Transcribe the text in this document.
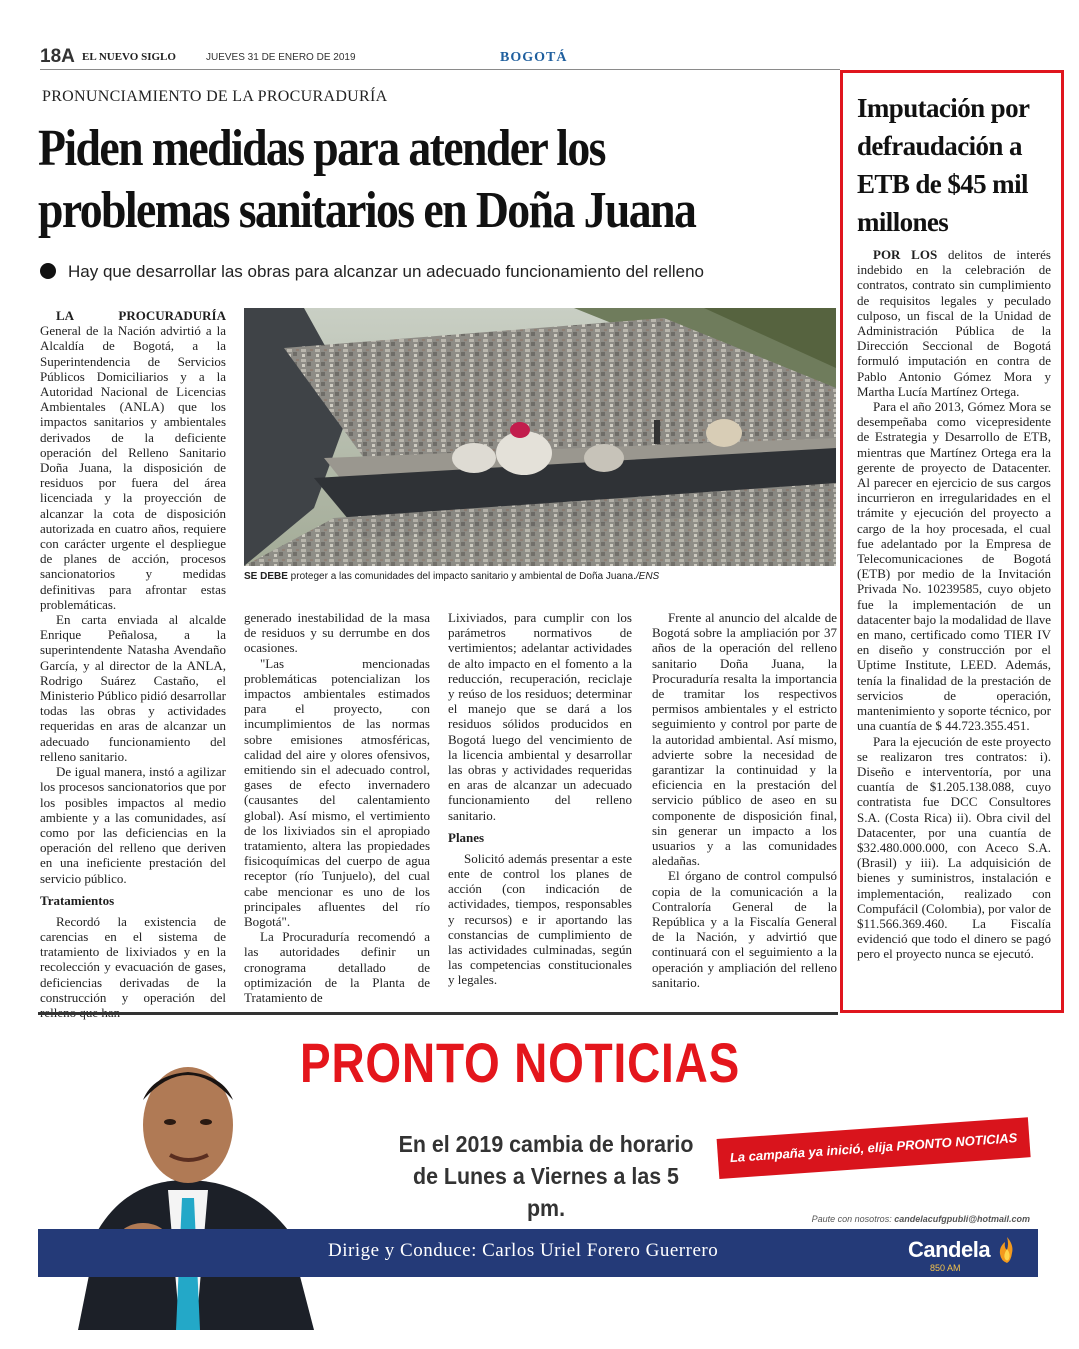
18A EL NUEVO SIGLO	JUEVES 31 DE ENERO DE 2019	BOGOTÁ
PRONUNCIAMIENTO DE LA PROCURADURÍA
Piden medidas para atender los
problemas sanitarios en Doña Juana
Hay que desarrollar las obras para alcanzar un adecuado funcionamiento del relleno

LA PROCURADURÍA General de la Nación advirtió a la Alcaldía de Bogotá, a la Superintendencia de Servicios Públicos Domiciliarios y a la Autoridad Nacional de Licencias Ambientales (ANLA) que los impactos sanitarios y ambientales derivados de la deficiente operación del Relleno Sanitario Doña Juana, la disposición de residuos por fuera del área licenciada y la proyección de alcanzar la cota de disposición autorizada en cuatro años, requiere con carácter urgente el despliegue de planes de acción, procesos sancionatorios y medidas definitivas para afrontar estas problemáticas.

En carta enviada al alcalde Enrique Peñalosa, a la superintendente Natasha Avendaño García, y al director de la ANLA, Rodrigo Suárez Castaño, el Ministerio Público pidió desarrollar todas las obras y actividades requeridas en aras de alcanzar un adecuado funcionamiento del relleno sanitario.

De igual manera, instó a agilizar los procesos sancionatorios que por los posibles impactos al medio ambiente y a las comunidades, así como por las deficiencias en la operación del relleno que deriven en una ineficiente prestación del servicio público.

Tratamientos

Recordó la existencia de carencias en el sistema de tratamiento de lixiviados y en la recolección y evacuación de gases, deficiencias derivadas de la construcción y operación del relleno que han

SE DEBE proteger a las comunidades del impacto sanitario y ambiental de Doña Juana./ENS

generado inestabilidad de la masa de residuos y su derrumbe en dos ocasiones.

"Las mencionadas problemáticas potencializan los impactos ambientales estimados para el proyecto, con incumplimientos de las normas sobre emisiones atmosféricas, calidad del aire y olores ofensivos, emitiendo sin el adecuado control, gases de efecto invernadero (causantes del calentamiento global). Así mismo, el vertimiento de los lixiviados sin el apropiado tratamiento, altera las propiedades fisicoquímicas del cuerpo de agua receptor (río Tunjuelo), del cual cabe mencionar es uno de los principales afluentes del río Bogotá".

La Procuraduría recomendó a las autoridades definir un cronograma detallado de optimización de la Planta de Tratamiento de

Lixiviados, para cumplir con los parámetros normativos de vertimientos; adelantar actividades de alto impacto en el fomento a la reducción, recuperación, reciclaje y reúso de los residuos; determinar el manejo que se dará a los residuos sólidos producidos en Bogotá luego del vencimiento de la licencia ambiental y desarrollar las obras y actividades requeridas en aras de alcanzar un adecuado funcionamiento del relleno sanitario.

Planes

Solicitó además presentar a este ente de control los planes de acción (con indicación de actividades, tiempos, responsables y recursos) e ir aportando las constancias de cumplimiento de las actividades culminadas, según las competencias constitucionales y legales.

Frente al anuncio del alcalde de Bogotá sobre la ampliación por 37 años de la operación del relleno sanitario Doña Juana, la Procuraduría resalta la importancia de tramitar los respectivos permisos ambientales y el estricto seguimiento y control por parte de la autoridad ambiental. Así mismo, advierte sobre la necesidad de garantizar la continuidad y la eficiencia en la prestación del servicio público de aseo en su componente de disposición final, sin generar un impacto a los usuarios y a las comunidades aledañas.

El órgano de control compulsó copia de la comunicación a la Contraloría General de la República y a la Fiscalía General de la Nación, y advirtió que continuará con el seguimiento a la operación y ampliación del relleno sanitario.

Imputación por defraudación a ETB de $45 mil millones

POR LOS delitos de interés indebido en la celebración de contratos, contrato sin cumplimiento de requisitos legales y peculado culposo, un fiscal de la Unidad de Administración Pública de la Dirección Seccional de Bogotá formuló imputación en contra de Pablo Antonio Gómez Mora y Martha Lucía Martínez Ortega.

Para el año 2013, Gómez Mora se desempeñaba como vicepresidente de Estrategia y Desarrollo de ETB, mientras que Martínez Ortega era la gerente de proyecto de Datacenter. Al parecer en ejercicio de sus cargos incurrieron en irregularidades en el trámite y ejecución del proyecto a cargo de la hoy procesada, el cual fue adelantado por la Empresa de Telecomunicaciones de Bogotá (ETB) por medio de la Invitación Privada No. 10239585, cuyo objeto fue la implementación de un datacenter bajo la modalidad de llave en mano, certificado como TIER IV en diseño y construcción por el Uptime Institute, LEED. Además, tenía la finalidad de la prestación de servicios de operación, mantenimiento y soporte técnico, por una cuantía de $ 44.723.355.451.

Para la ejecución de este proyecto se realizaron tres contratos: i). Diseño e interventoría, por una cuantía de $1.205.138.088, cuyo contratista fue DCC Consultores S.A. (Costa Rica) ii). Obra civil del Datacenter, por una cuantía de $32.480.000.000, con Aceco S.A. (Brasil) y iii). La adquisición de bienes y suministros, instalación e implementación, realizado con Compufácil (Colombia), por valor de $11.566.369.460. La Fiscalía evidenció que todo el dinero se pagó pero el proyecto nunca se ejecutó.

PRONTO NOTICIAS
En el 2019 cambia de horario
de Lunes a Viernes a las 5 pm.
La campaña ya inició, elija PRONTO NOTICIAS
Paute con nosotros: candelacufgpubli@hotmail.com
Dirige y Conduce: Carlos Uriel Forero Guerrero	Candela
850 AM
